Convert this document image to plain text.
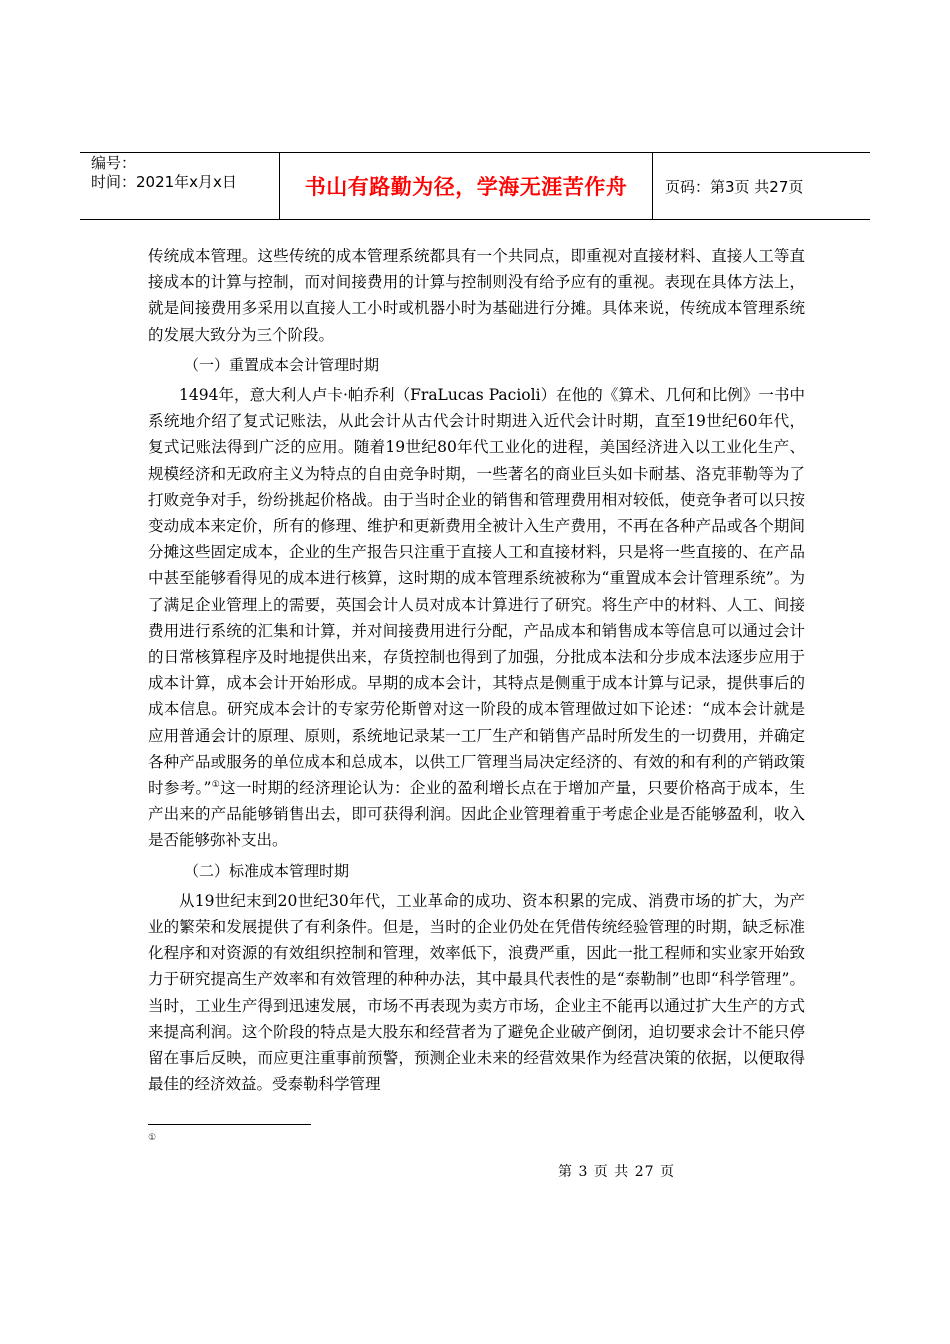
编号：
时间：2021年x月x日	书山有路勤为径，学海无涯苦作舟	页码：第3页 共27页

传统成本管理。这些传统的成本管理系统都具有一个共同点，即重视对直接材料、直接人工等直接成本的计算与控制，而对间接费用的计算与控制则没有给予应有的重视。表现在具体方法上，就是间接费用多采用以直接人工小时或机器小时为基础进行分摊。具体来说，传统成本管理系统的发展大致分为三个阶段。

（一）重置成本会计管理时期

1494年，意大利人卢卡·帕乔利（FraLucas Pacioli）在他的《算术、几何和比例》一书中系统地介绍了复式记账法，从此会计从古代会计时期进入近代会计时期，直至19世纪60年代，复式记账法得到广泛的应用。随着19世纪80年代工业化的进程，美国经济进入以工业化生产、规模经济和无政府主义为特点的自由竞争时期，一些著名的商业巨头如卡耐基、洛克菲勒等为了打败竞争对手，纷纷挑起价格战。由于当时企业的销售和管理费用相对较低，使竞争者可以只按变动成本来定价，所有的修理、维护和更新费用全被计入生产费用，不再在各种产品或各个期间分摊这些固定成本，企业的生产报告只注重于直接人工和直接材料，只是将一些直接的、在产品中甚至能够看得见的成本进行核算，这时期的成本管理系统被称为“重置成本会计管理系统”。为了满足企业管理上的需要，英国会计人员对成本计算进行了研究。将生产中的材料、人工、间接费用进行系统的汇集和计算，并对间接费用进行分配，产品成本和销售成本等信息可以通过会计的日常核算程序及时地提供出来，存货控制也得到了加强，分批成本法和分步成本法逐步应用于成本计算，成本会计开始形成。早期的成本会计，其特点是侧重于成本计算与记录，提供事后的成本信息。研究成本会计的专家劳伦斯曾对这一阶段的成本管理做过如下论述：“成本会计就是应用普通会计的原理、原则，系统地记录某一工厂生产和销售产品时所发生的一切费用，并确定各种产品或服务的单位成本和总成本，以供工厂管理当局决定经济的、有效的和有利的产销政策时参考。”①这一时期的经济理论认为：企业的盈利增长点在于增加产量，只要价格高于成本，生产出来的产品能够销售出去，即可获得利润。因此企业管理着重于考虑企业是否能够盈利，收入是否能够弥补支出。

（二）标准成本管理时期

从19世纪末到20世纪30年代，工业革命的成功、资本积累的完成、消费市场的扩大，为产业的繁荣和发展提供了有利条件。但是，当时的企业仍处在凭借传统经验管理的时期，缺乏标准化程序和对资源的有效组织控制和管理，效率低下，浪费严重，因此一批工程师和实业家开始致力于研究提高生产效率和有效管理的种种办法，其中最具代表性的是“泰勒制”也即“科学管理”。当时，工业生产得到迅速发展，市场不再表现为卖方市场，企业主不能再以通过扩大生产的方式来提高利润。这个阶段的特点是大股东和经营者为了避免企业破产倒闭，迫切要求会计不能只停留在事后反映，而应更注重事前预警，预测企业未来的经营效果作为经营决策的依据，以便取得最佳的经济效益。受泰勒科学管理

①
第 3 页 共 27 页
